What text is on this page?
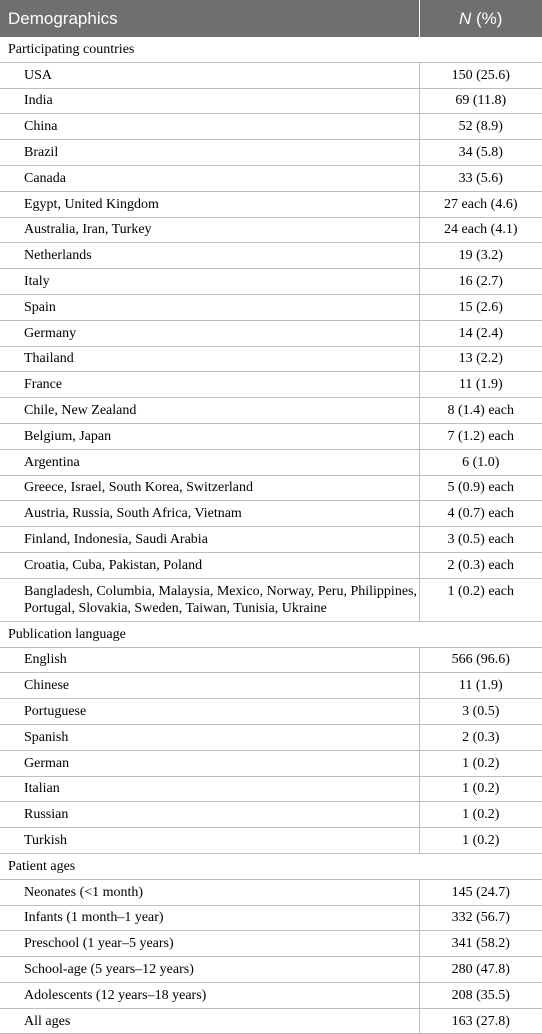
Demographics	N (%)
Participating countries	
USA	150 (25.6)
India	69 (11.8)
China	52 (8.9)
Brazil	34 (5.8)
Canada	33 (5.6)
Egypt, United Kingdom	27 each (4.6)
Australia, Iran, Turkey	24 each (4.1)
Netherlands	19 (3.2)
Italy	16 (2.7)
Spain	15 (2.6)
Germany	14 (2.4)
Thailand	13 (2.2)
France	11 (1.9)
Chile, New Zealand	8 (1.4) each
Belgium, Japan	7 (1.2) each
Argentina	6 (1.0)
Greece, Israel, South Korea, Switzerland	5 (0.9) each
Austria, Russia, South Africa, Vietnam	4 (0.7) each
Finland, Indonesia, Saudi Arabia	3 (0.5) each
Croatia, Cuba, Pakistan, Poland	2 (0.3) each
Bangladesh, Columbia, Malaysia, Mexico, Norway, Peru, Philippines, Portugal, Slovakia, Sweden, Taiwan, Tunisia, Ukraine	1 (0.2) each
Publication language	
English	566 (96.6)
Chinese	11 (1.9)
Portuguese	3 (0.5)
Spanish	2 (0.3)
German	1 (0.2)
Italian	1 (0.2)
Russian	1 (0.2)
Turkish	1 (0.2)
Patient ages	
Neonates (<1 month)	145 (24.7)
Infants (1 month–1 year)	332 (56.7)
Preschool (1 year–5 years)	341 (58.2)
School-age (5 years–12 years)	280 (47.8)
Adolescents (12 years–18 years)	208 (35.5)
All ages	163 (27.8)
